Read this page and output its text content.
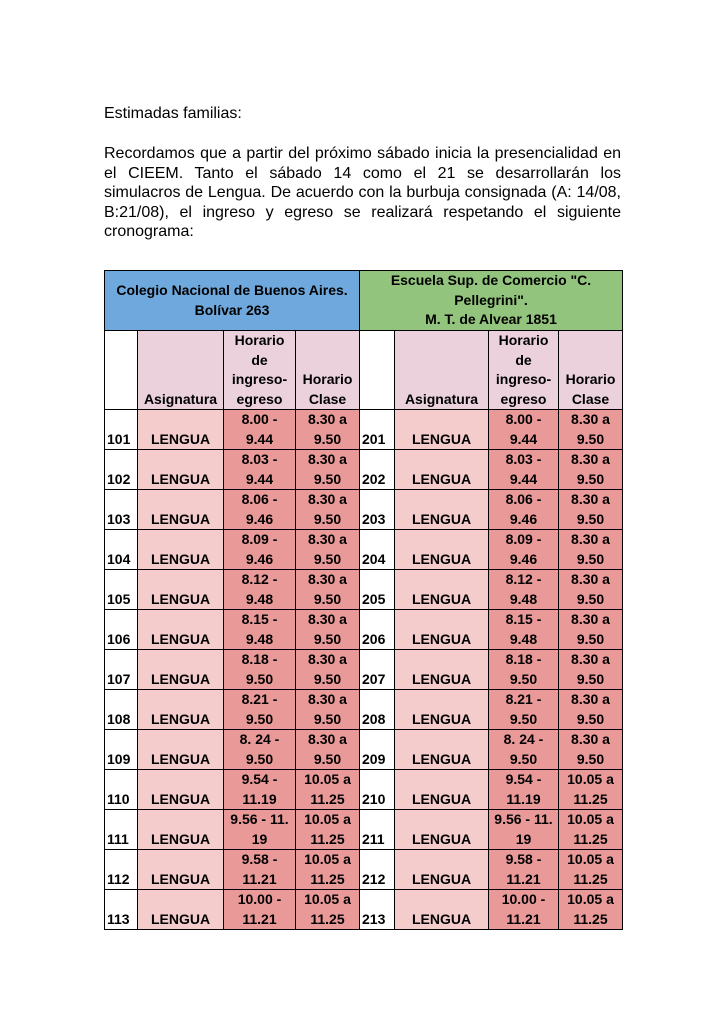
Estimadas familias:
Recordamos que a partir del próximo sábado inicia la presencialidad en el CIEEM. Tanto el sábado 14 como el 21 se desarrollarán los simulacros de Lengua. De acuerdo con la burbuja consignada (A: 14/08, B:21/08), el ingreso y egreso se realizará respetando el siguiente cronograma:
Colegio Nacional de Buenos Aires.
Bolívar 263				Escuela Sup. de Comercio "C.
Pellegrini".
M. T. de Alvear 1851			

	Asignatura	Horario
de
ingreso-
egreso	Horario
Clase		Asignatura	Horario
de
ingreso-
egreso	Horario
Clase

101	LENGUA	8.00 -
9.44	8.30 a
9.50	201	LENGUA	8.00 -
9.44	8.30 a
9.50

102	LENGUA	8.03 -
9.44	8.30 a
9.50	202	LENGUA	8.03 -
9.44	8.30 a
9.50

103	LENGUA	8.06 -
9.46	8.30 a
9.50	203	LENGUA	8.06 -
9.46	8.30 a
9.50

104	LENGUA	8.09 -
9.46	8.30 a
9.50	204	LENGUA	8.09 -
9.46	8.30 a
9.50

105	LENGUA	8.12 -
9.48	8.30 a
9.50	205	LENGUA	8.12 -
9.48	8.30 a
9.50

106	LENGUA	8.15 -
9.48	8.30 a
9.50	206	LENGUA	8.15 -
9.48	8.30 a
9.50

107	LENGUA	8.18 -
9.50	8.30 a
9.50	207	LENGUA	8.18 -
9.50	8.30 a
9.50

108	LENGUA	8.21 -
9.50	8.30 a
9.50	208	LENGUA	8.21 -
9.50	8.30 a
9.50

109	LENGUA	8. 24 -
9.50	8.30 a
9.50	209	LENGUA	8. 24 -
9.50	8.30 a
9.50

110	LENGUA	9.54 -
11.19	10.05 a
11.25	210	LENGUA	9.54 -
11.19	10.05 a
11.25

111	LENGUA	9.56 - 11.
19	10.05 a
11.25	211	LENGUA	9.56 - 11.
19	10.05 a
11.25

112	LENGUA	9.58 -
11.21	10.05 a
11.25	212	LENGUA	9.58 -
11.21	10.05 a
11.25

113	LENGUA	10.00 -
11.21	10.05 a
11.25	213	LENGUA	10.00 -
11.21	10.05 a
11.25
